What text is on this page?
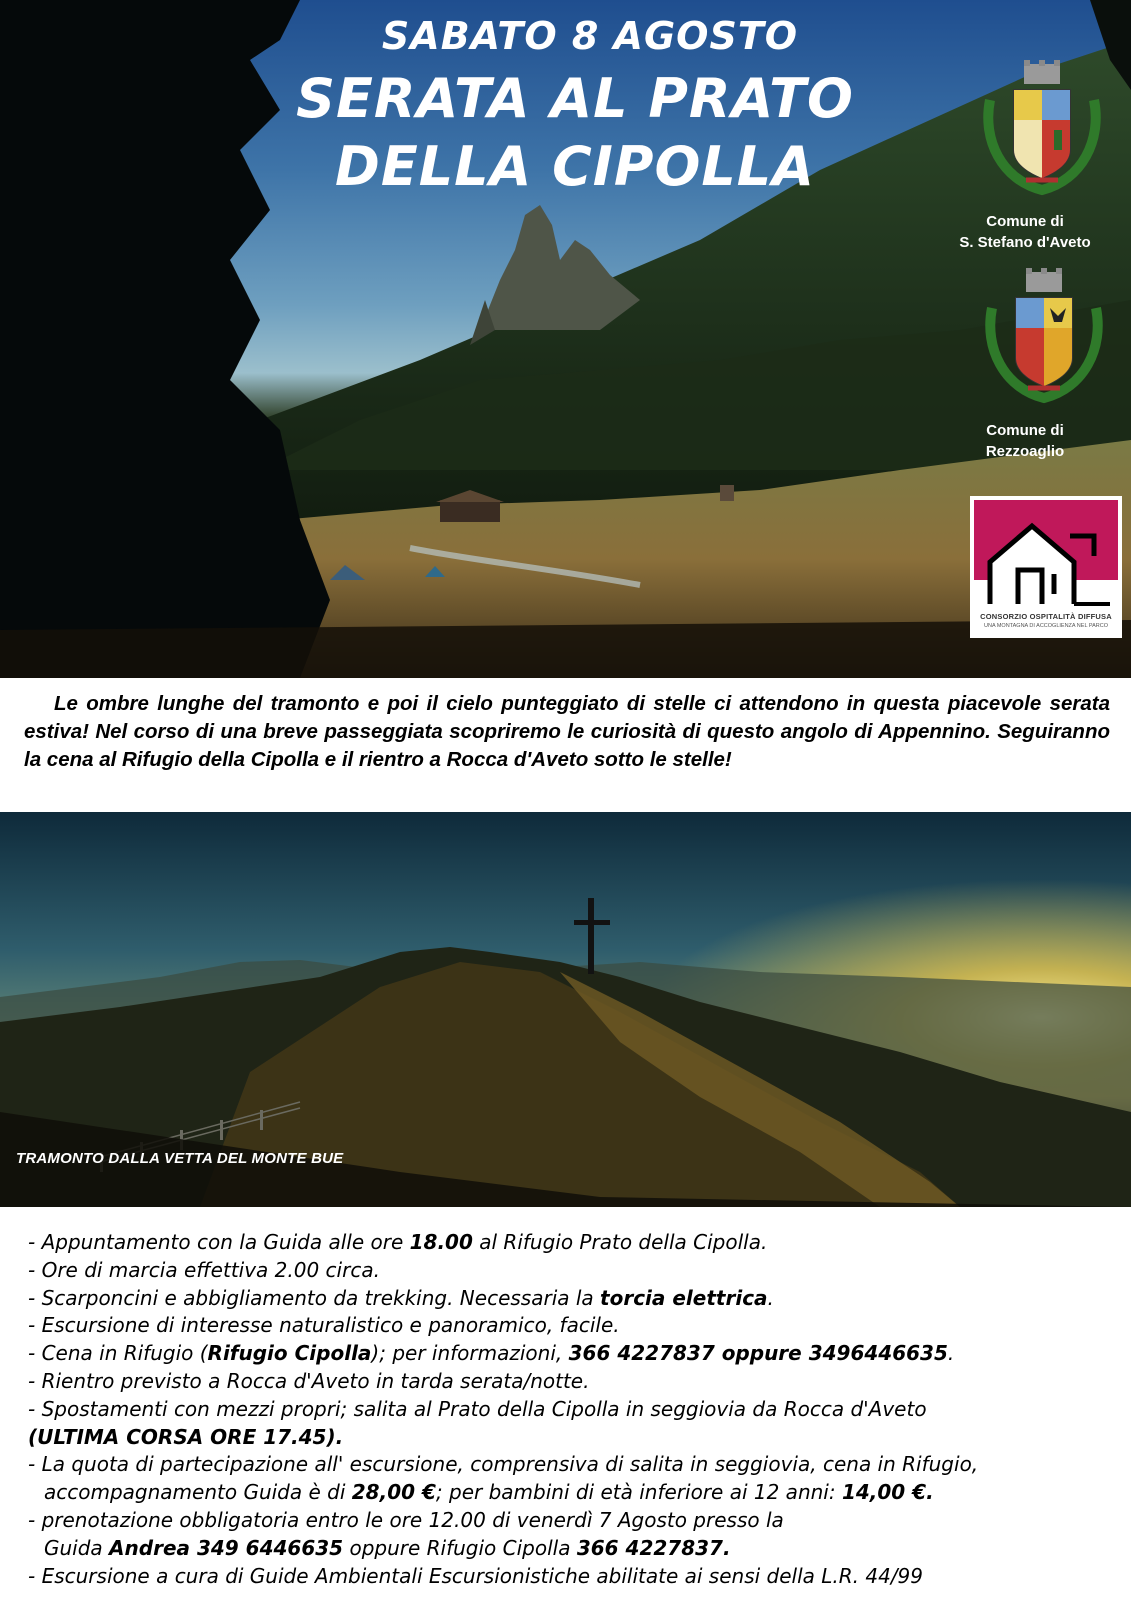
SABATO 8 AGOSTO
SERATA AL PRATO
DELLA CIPOLLA
Comune di
S. Stefano d'Aveto
Comune di
Rezzoaglio
CONSORZIO OSPITALITÀ DIFFUSA
UNA MONTAGNA DI ACCOGLIENZA NEL PARCO
Le ombre lunghe del tramonto e poi il cielo punteggiato di stelle ci attendono in questa piacevole serata estiva! Nel corso di una breve passeggiata scopriremo le curiosità di questo angolo di Appennino. Seguiranno la cena al Rifugio della Cipolla e il rientro a Rocca d'Aveto sotto le stelle!
TRAMONTO DALLA VETTA DEL MONTE BUE
- Appuntamento con la Guida alle ore 18.00 al Rifugio Prato della Cipolla.
- Ore di marcia effettiva 2.00 circa.
- Scarponcini e abbigliamento da trekking. Necessaria la torcia elettrica.
- Escursione di interesse naturalistico e panoramico, facile.
- Cena in Rifugio (Rifugio Cipolla); per informazioni, 366 4227837 oppure 3496446635.
- Rientro previsto a Rocca d'Aveto in tarda serata/notte.
- Spostamenti con mezzi propri; salita al Prato della Cipolla in seggiovia da Rocca d'Aveto
(ULTIMA CORSA ORE 17.45).
- La quota di partecipazione all' escursione, comprensiva di salita in seggiovia, cena in Rifugio,
accompagnamento Guida è di 28,00 €; per bambini di età inferiore ai 12 anni: 14,00 €.
- prenotazione obbligatoria entro le ore 12.00 di venerdì 7 Agosto presso la
Guida Andrea 349 6446635 oppure Rifugio Cipolla 366 4227837.
- Escursione a cura di Guide Ambientali Escursionistiche abilitate ai sensi della L.R. 44/99
